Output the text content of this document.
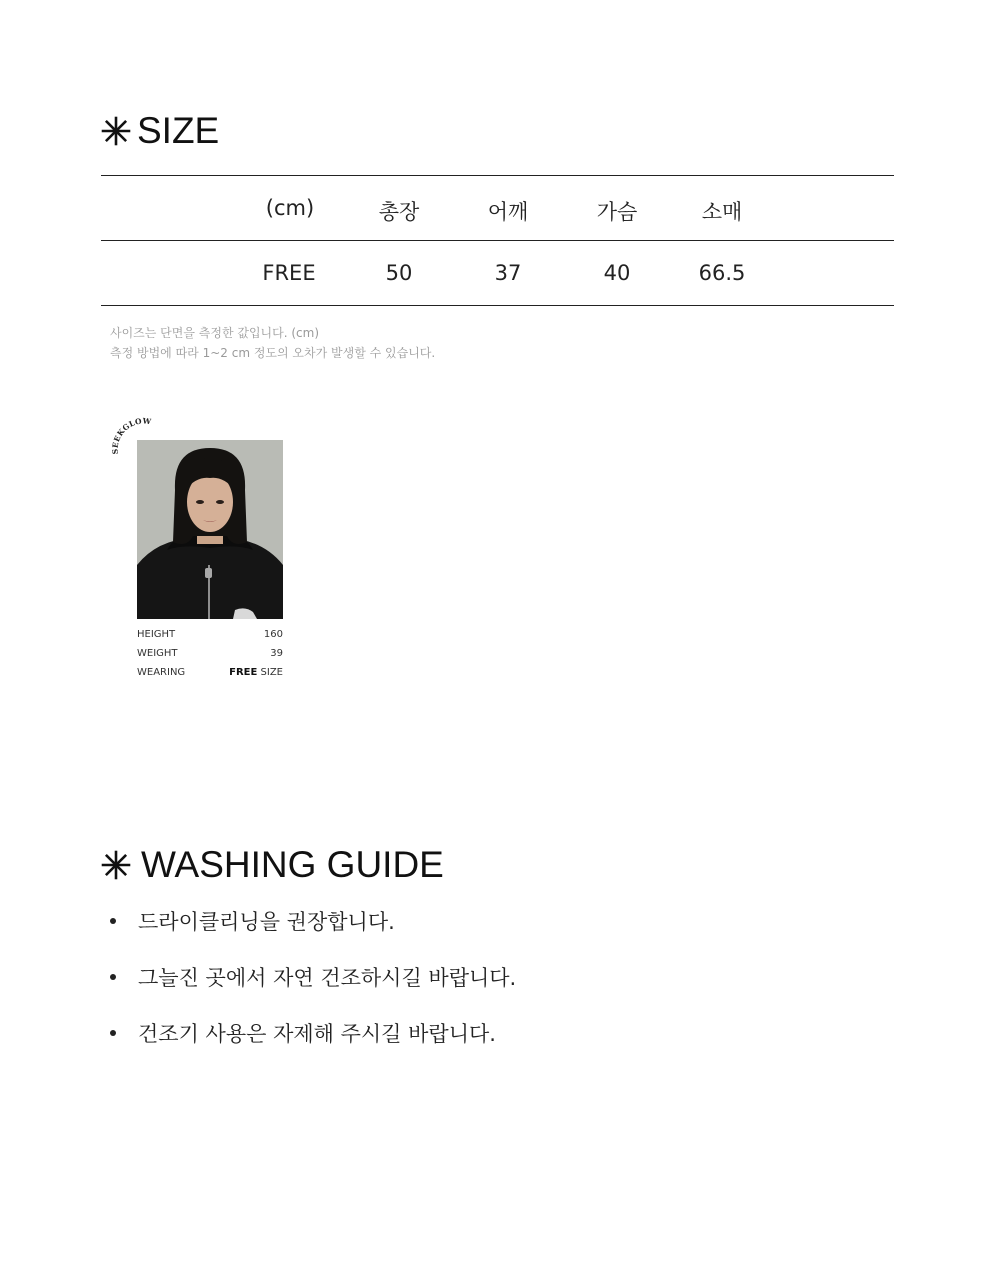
SIZE
(cm)	총장	어깨	가슴	소매
FREE	50	37	40	66.5
사이즈는 단면을 측정한 값입니다. (cm)
측정 방법에 따라 1~2 cm 정도의 오차가 발생할 수 있습니다.
SEEKGLOW
HEIGHT	160
WEIGHT	39
WEARING	FREE SIZE
WASHING GUIDE
드라이클리닝을 권장합니다.
그늘진 곳에서 자연 건조하시길 바랍니다.
건조기 사용은 자제해 주시길 바랍니다.
